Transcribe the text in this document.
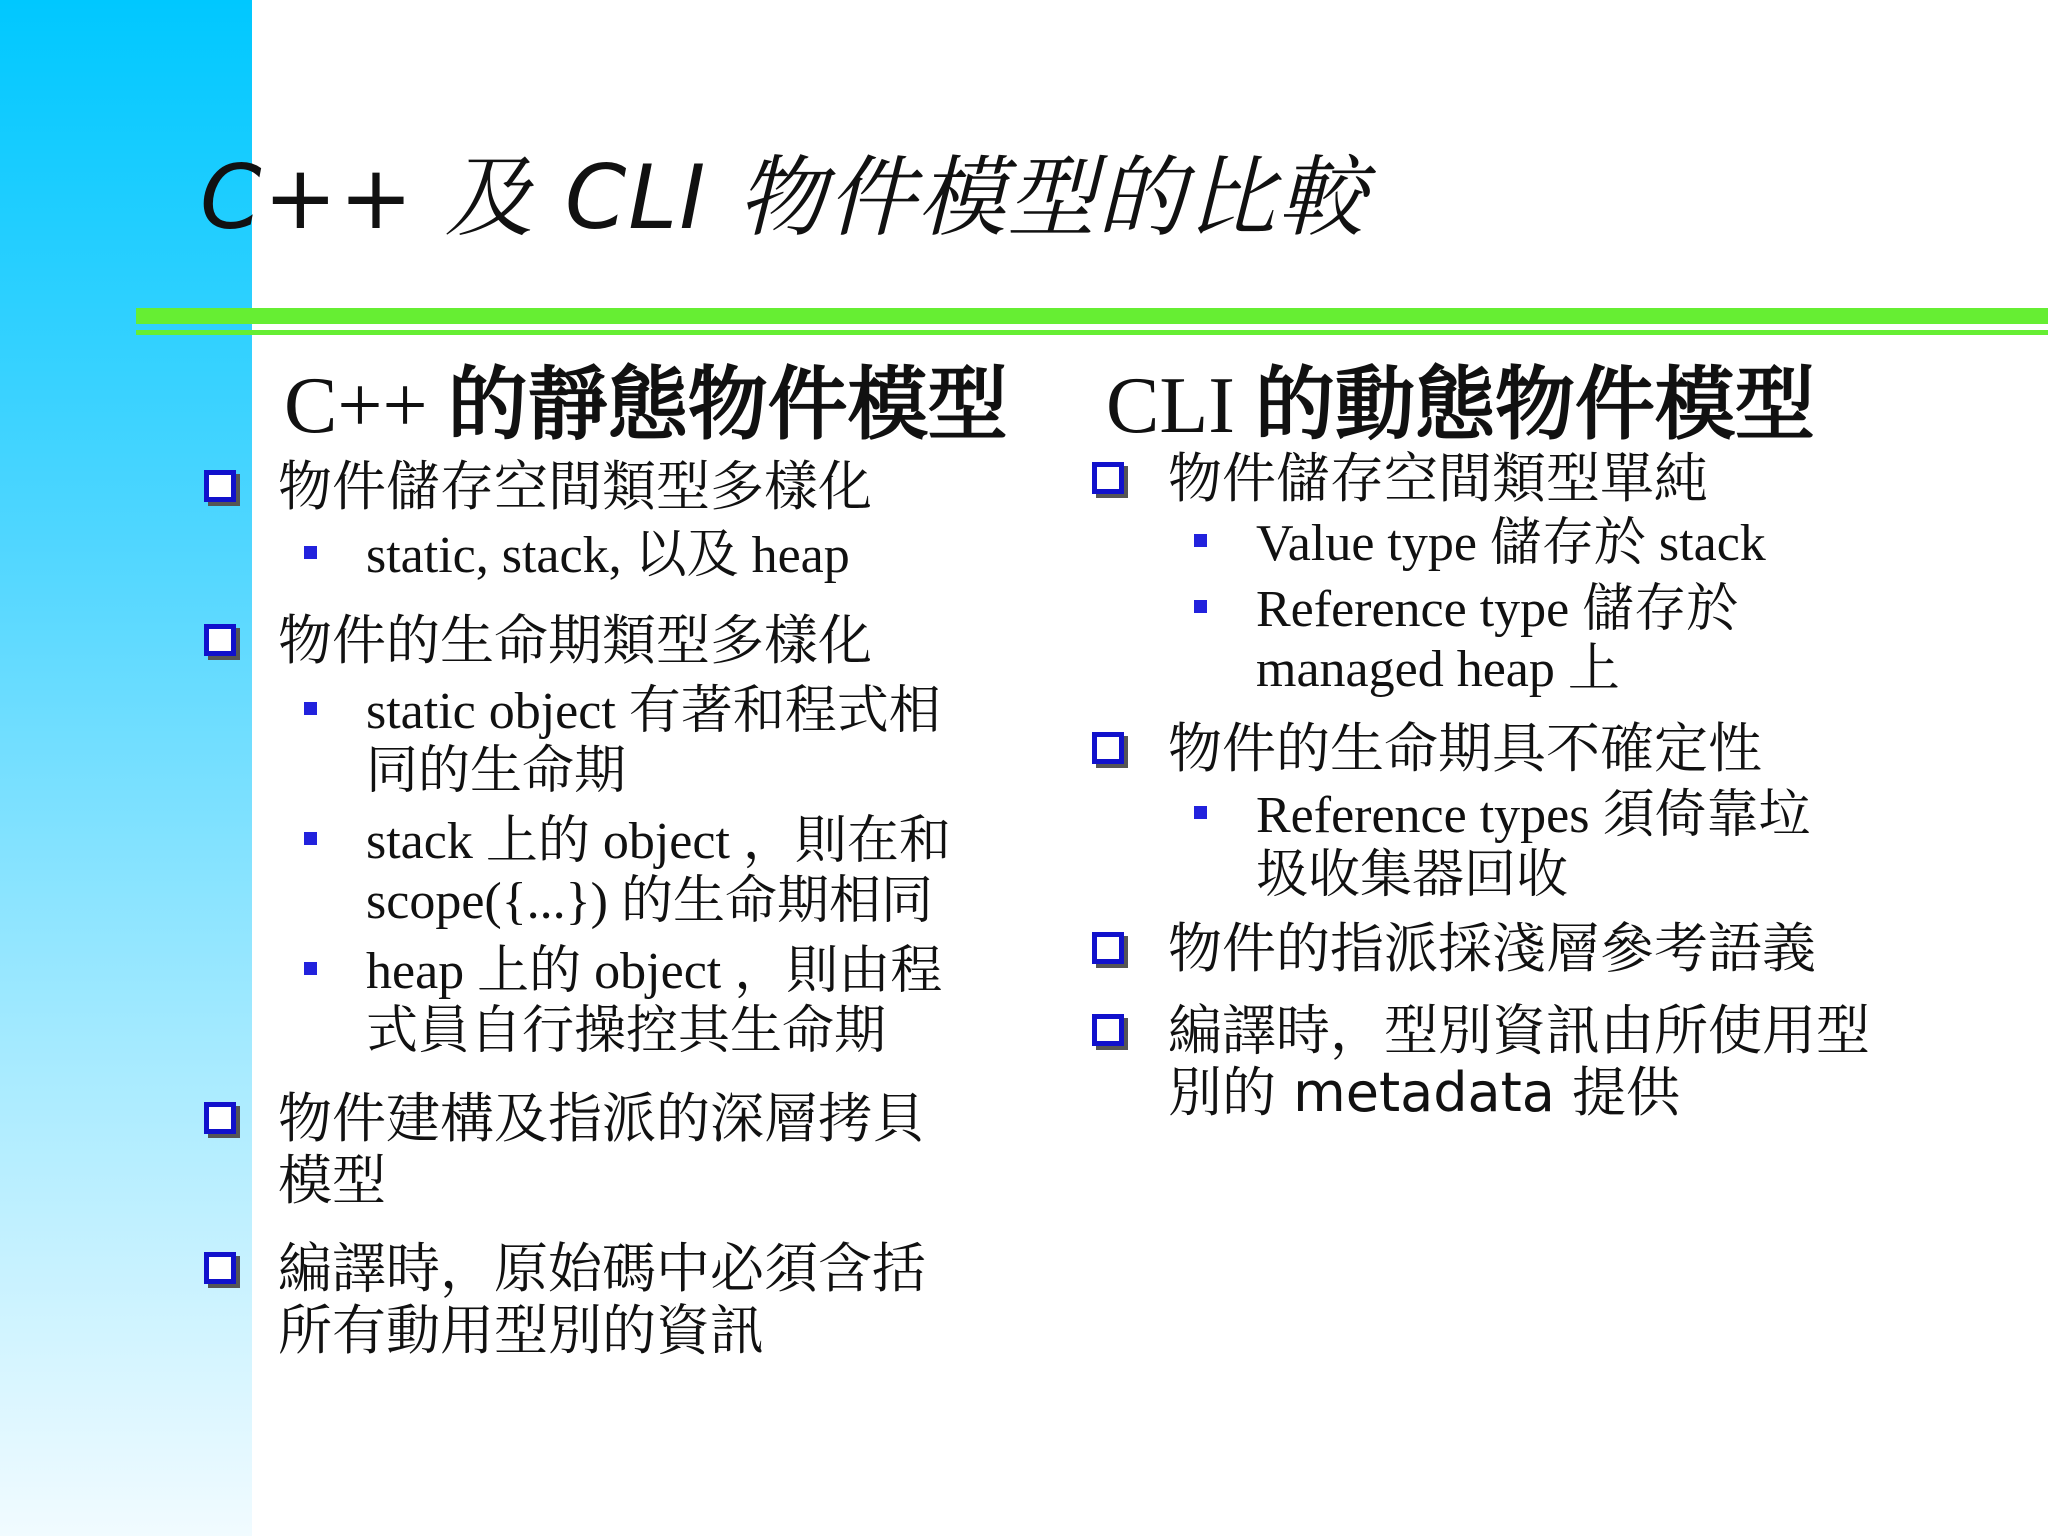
C++ 及 CLI 物件模型的比較
C++ 的靜態物件模型
物件儲存空間類型多樣化
static, stack, 以及 heap
物件的生命期類型多樣化
static object 有著和程式相
同的生命期
stack 上的 object ，則在和
scope({...}) 的生命期相同
heap 上的 object ，則由程
式員自行操控其生命期
物件建構及指派的深層拷貝
模型
編譯時，原始碼中必須含括
所有動用型別的資訊
CLI 的動態物件模型
物件儲存空間類型單純
Value type 儲存於 stack
Reference type 儲存於
managed heap 上
物件的生命期具不確定性
Reference types 須倚靠垃
圾收集器回收
物件的指派採淺層參考語義
編譯時，型別資訊由所使用型
別的 metadata 提供
